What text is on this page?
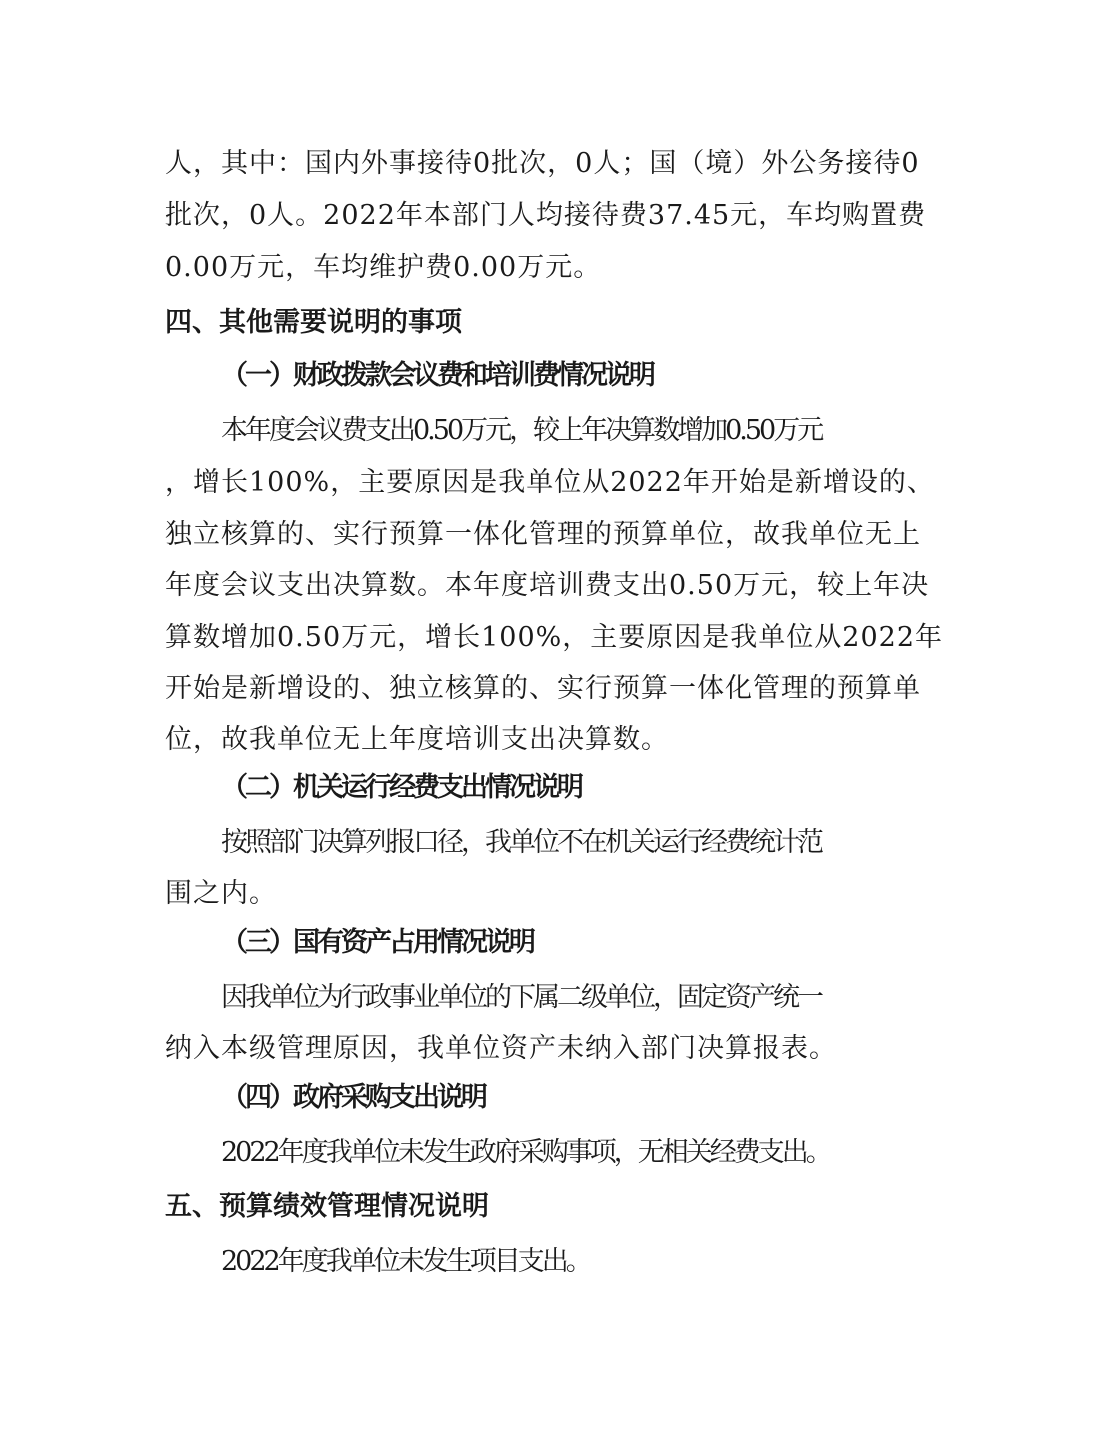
人，其中：国内外事接待0批次，0人；国（境）外公务接待0
批次，0人。2022年本部门人均接待费37.45元，车均购置费
0.00万元，车均维护费0.00万元。
四、其他需要说明的事项
（一）财政拨款会议费和培训费情况说明
本年度会议费支出0.50万元，较上年决算数增加0.50万元
，增长100%，主要原因是我单位从2022年开始是新增设的、
独立核算的、实行预算一体化管理的预算单位，故我单位无上
年度会议支出决算数。本年度培训费支出0.50万元，较上年决
算数增加0.50万元，增长100%，主要原因是我单位从2022年
开始是新增设的、独立核算的、实行预算一体化管理的预算单
位，故我单位无上年度培训支出决算数。
（二）机关运行经费支出情况说明
按照部门决算列报口径，我单位不在机关运行经费统计范
围之内。
（三）国有资产占用情况说明
因我单位为行政事业单位的下属二级单位，固定资产统一
纳入本级管理原因，我单位资产未纳入部门决算报表。
（四）政府采购支出说明
2022年度我单位未发生政府采购事项，无相关经费支出。
五、预算绩效管理情况说明
2022年度我单位未发生项目支出。
